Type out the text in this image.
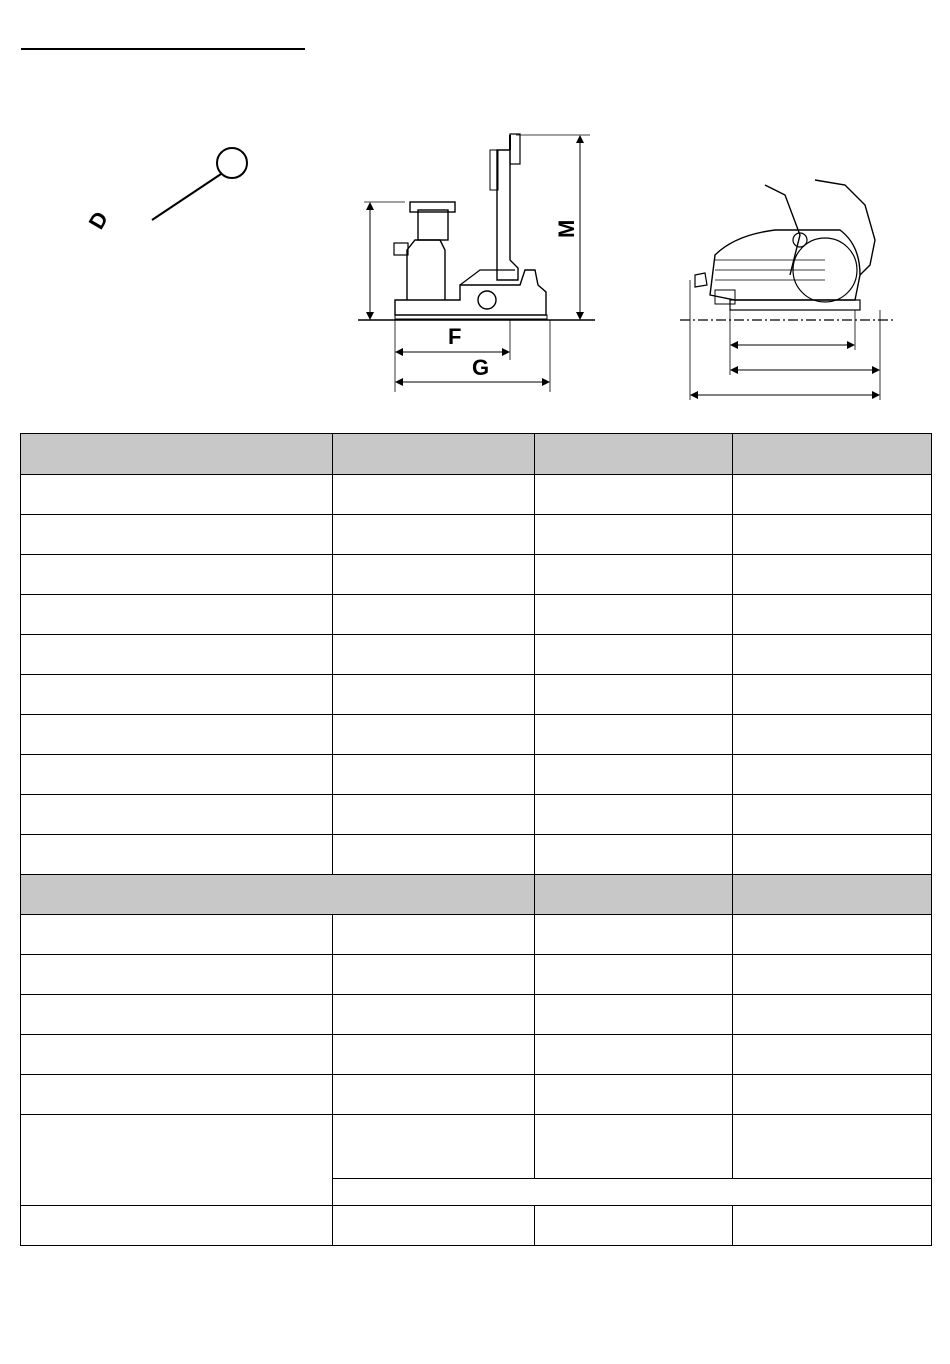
D	M
F
G
